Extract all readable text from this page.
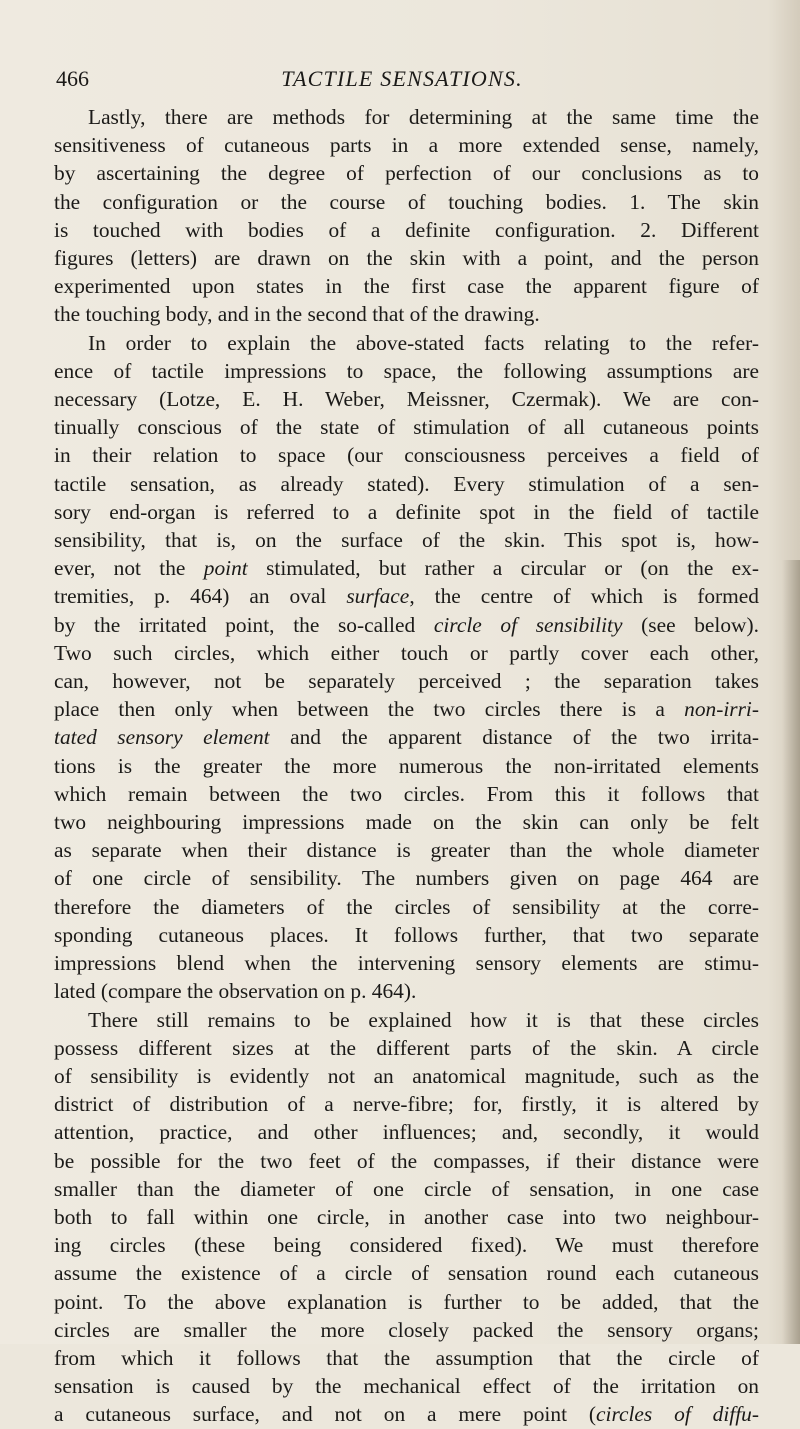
466	TACTILE SENSATIONS.
Lastly, there are methods for determining at the same time the
sensitiveness of cutaneous parts in a more extended sense, namely,
by ascertaining the degree of perfection of our conclusions as to
the configuration or the course of touching bodies. 1. The skin
is touched with bodies of a definite configuration. 2. Different
figures (letters) are drawn on the skin with a point, and the person
experimented upon states in the first case the apparent figure of
the touching body, and in the second that of the drawing.
In order to explain the above-stated facts relating to the refer-
ence of tactile impressions to space, the following assumptions are
necessary (Lotze, E. H. Weber, Meissner, Czermak). We are con-
tinually conscious of the state of stimulation of all cutaneous points
in their relation to space (our consciousness perceives a field of
tactile sensation, as already stated). Every stimulation of a sen-
sory end-organ is referred to a definite spot in the field of tactile
sensibility, that is, on the surface of the skin. This spot is, how-
ever, not the point stimulated, but rather a circular or (on the ex-
tremities, p. 464) an oval surface, the centre of which is formed
by the irritated point, the so-called circle of sensibility (see below).
Two such circles, which either touch or partly cover each other,
can, however, not be separately perceived ; the separation takes
place then only when between the two circles there is a non-irri-
tated sensory element and the apparent distance of the two irrita-
tions is the greater the more numerous the non-irritated elements
which remain between the two circles. From this it follows that
two neighbouring impressions made on the skin can only be felt
as separate when their distance is greater than the whole diameter
of one circle of sensibility. The numbers given on page 464 are
therefore the diameters of the circles of sensibility at the corre-
sponding cutaneous places. It follows further, that two separate
impressions blend when the intervening sensory elements are stimu-
lated (compare the observation on p. 464).
There still remains to be explained how it is that these circles
possess different sizes at the different parts of the skin. A circle
of sensibility is evidently not an anatomical magnitude, such as the
district of distribution of a nerve-fibre; for, firstly, it is altered by
attention, practice, and other influences; and, secondly, it would
be possible for the two feet of the compasses, if their distance were
smaller than the diameter of one circle of sensation, in one case
both to fall within one circle, in another case into two neighbour-
ing circles (these being considered fixed). We must therefore
assume the existence of a circle of sensation round each cutaneous
point. To the above explanation is further to be added, that the
circles are smaller the more closely packed the sensory organs;
from which it follows that the assumption that the circle of
sensation is caused by the mechanical effect of the irritation on
a cutaneous surface, and not on a mere point (circles of diffu-
